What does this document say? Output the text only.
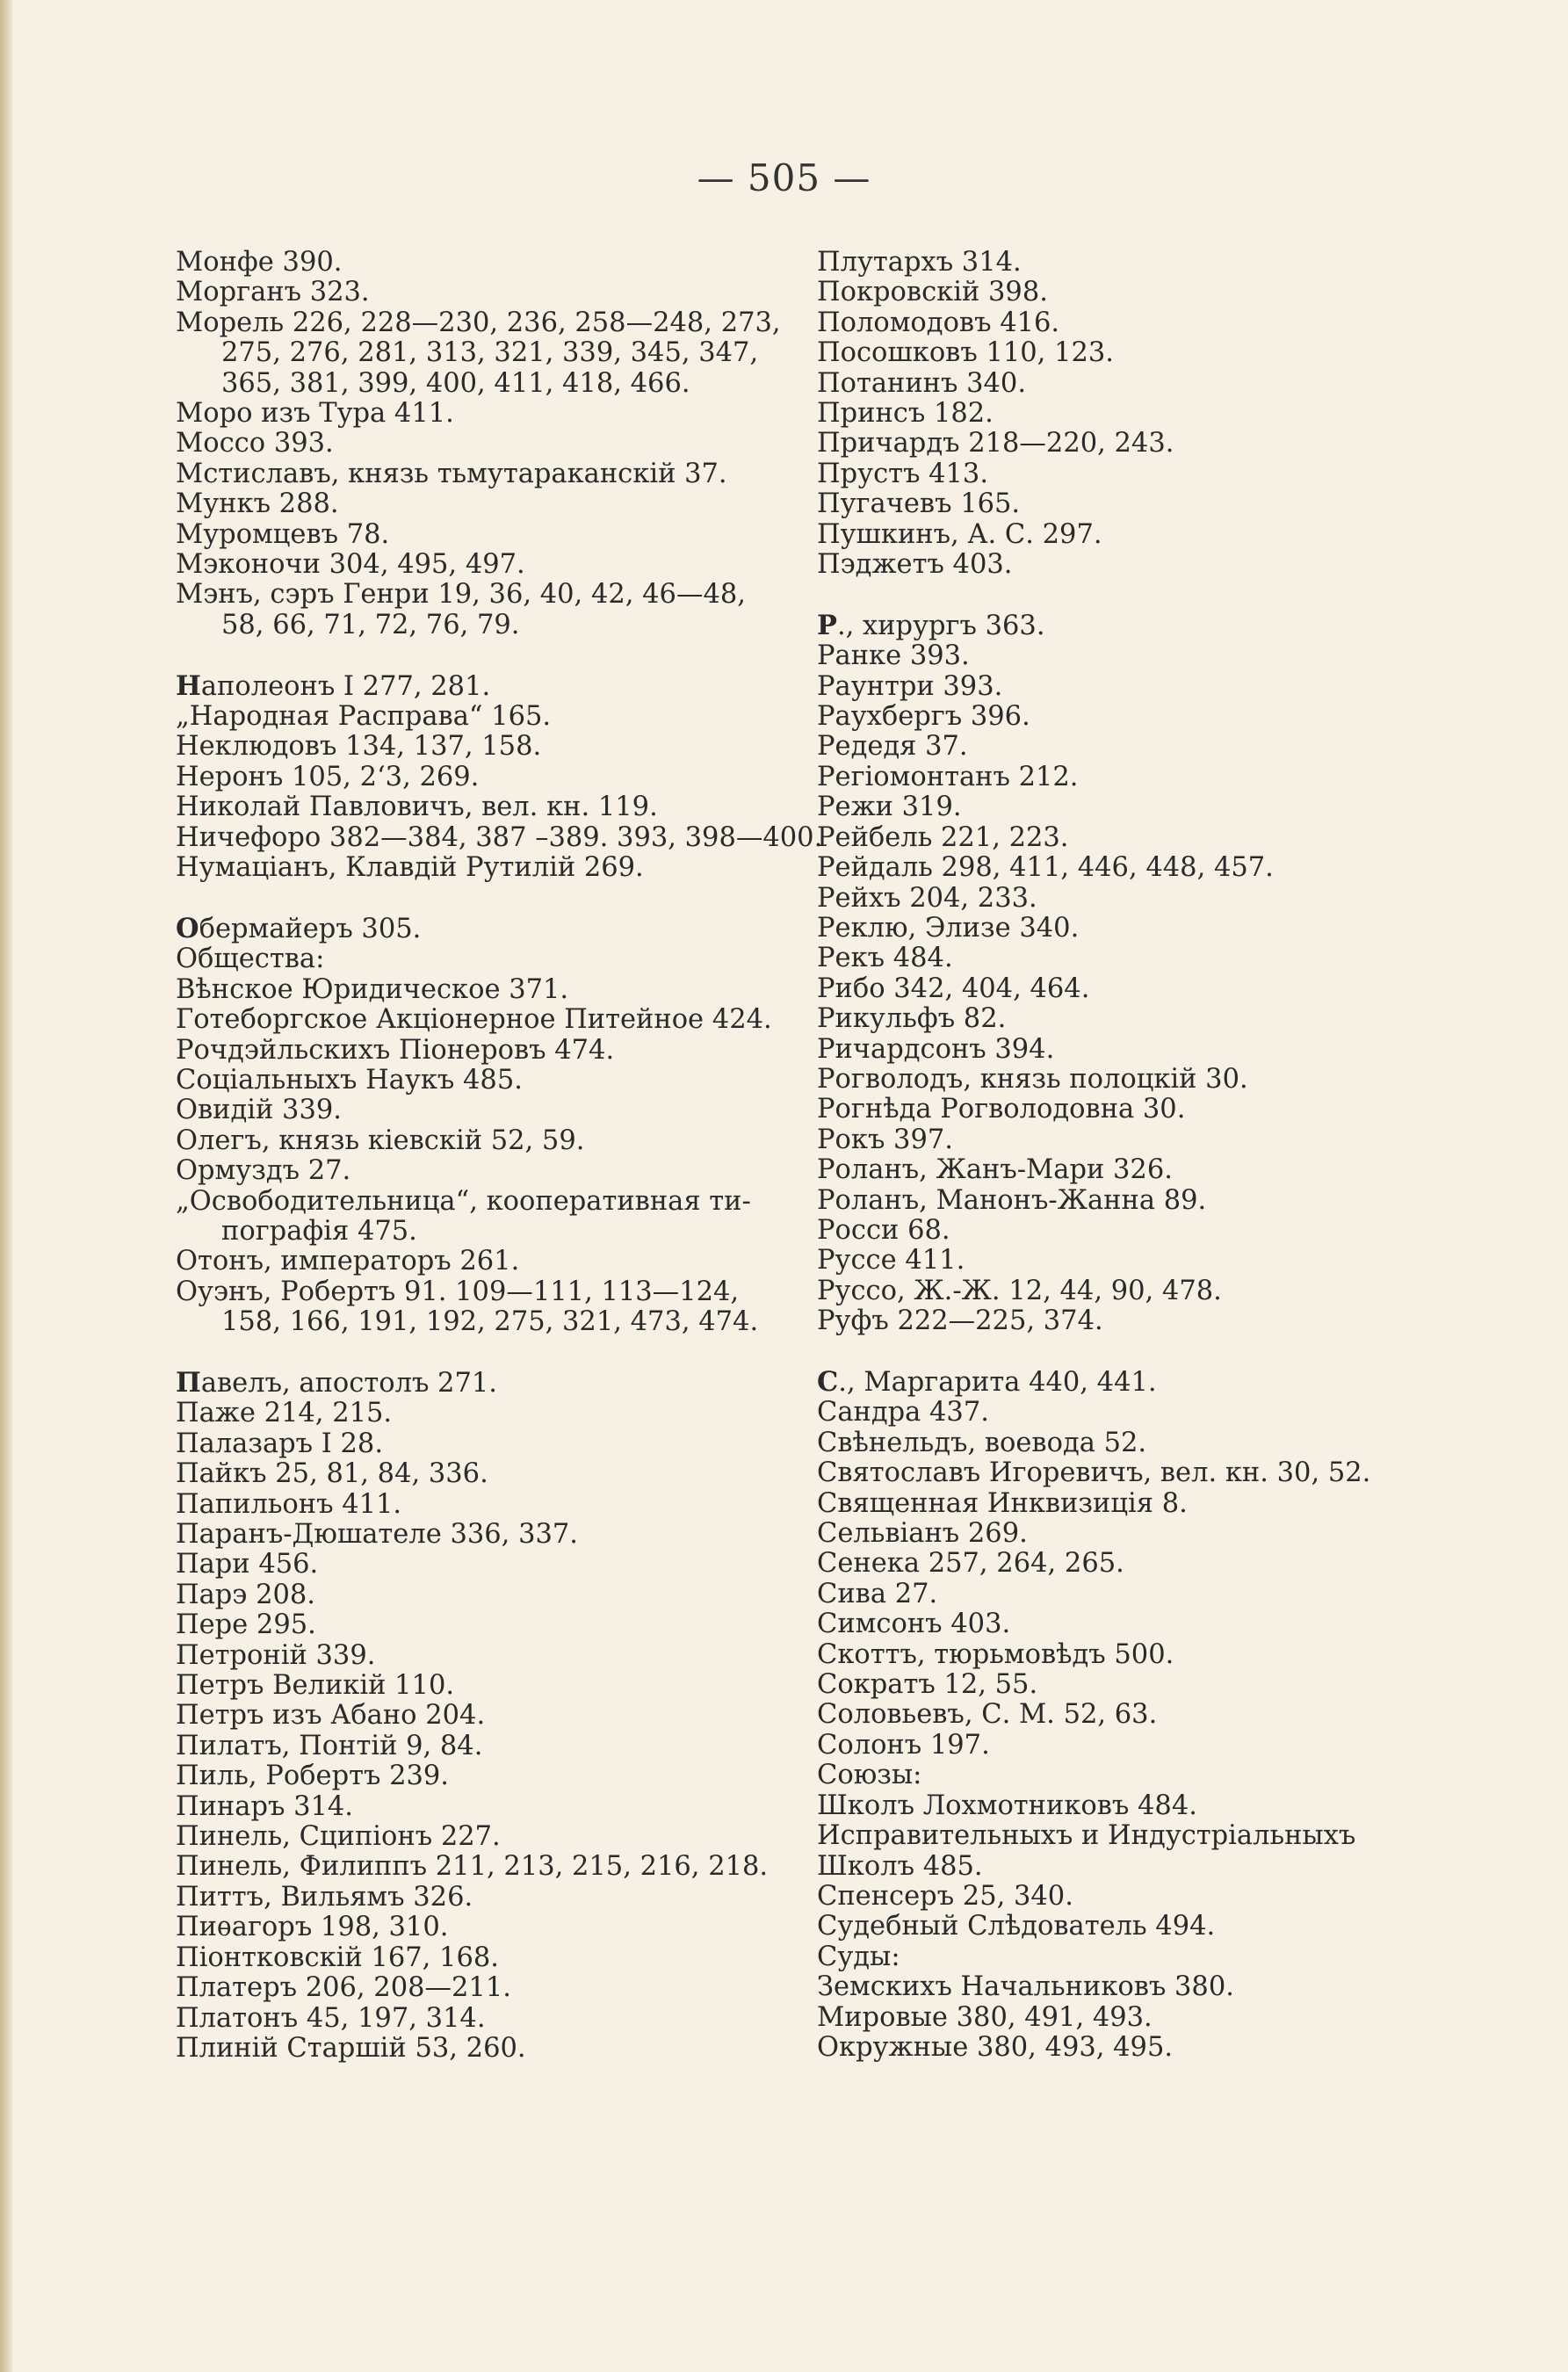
— 505 —
Монфе 390.
Морганъ 323.
Морель 226, 228—230, 236, 258—248, 273,
275, 276, 281, 313, 321, 339, 345, 347,
365, 381, 399, 400, 411, 418, 466.
Моро изъ Тура 411.
Моссо 393.
Мстиславъ, князь тьмутараканскій 37.
Мункъ 288.
Муромцевъ 78.
Мэконочи 304, 495, 497.
Мэнъ, сэръ Генри 19, 36, 40, 42, 46—48,
58, 66, 71, 72, 76, 79.
Наполеонъ I 277, 281.
„Народная Расправа“ 165.
Неклюдовъ 134, 137, 158.
Неронъ 105, 2‘3, 269.
Николай Павловичъ, вел. кн. 119.
Ничефоро 382—384, 387 –389. 393, 398—400.
Нумаціанъ, Клавдій Рутилій 269.
Обермайеръ 305.
Общества:
Вѣнское Юридическое 371.
Готеборгское Акціонерное Питейное 424.
Рочдэйльскихъ Піонеровъ 474.
Соціальныхъ Наукъ 485.
Овидій 339.
Олегъ, князь кіевскій 52, 59.
Ормуздъ 27.
„Освободительница“, кооперативная ти-
пографія 475.
Отонъ, императоръ 261.
Оуэнъ, Робертъ 91. 109—111, 113—124,
158, 166, 191, 192, 275, 321, 473, 474.
Павелъ, апостолъ 271.
Паже 214, 215.
Палазаръ I 28.
Пайкъ 25, 81, 84, 336.
Папильонъ 411.
Паранъ-Дюшателе 336, 337.
Пари 456.
Парэ 208.
Пере 295.
Петроній 339.
Петръ Великій 110.
Петръ изъ Абано 204.
Пилатъ, Понтій 9, 84.
Пиль, Робертъ 239.
Пинаръ 314.
Пинель, Сципіонъ 227.
Пинель, Филиппъ 211, 213, 215, 216, 218.
Питтъ, Вильямъ 326.
Пиѳагоръ 198, 310.
Піонтковскій 167, 168.
Платеръ 206, 208—211.
Платонъ 45, 197, 314.
Плиній Старшій 53, 260.
Плутархъ 314.
Покровскій 398.
Поломодовъ 416.
Посошковъ 110, 123.
Потанинъ 340.
Принсъ 182.
Причардъ 218—220, 243.
Прустъ 413.
Пугачевъ 165.
Пушкинъ, А. С. 297.
Пэджетъ 403.
Р., хирургъ 363.
Ранке 393.
Раунтри 393.
Раухбергъ 396.
Редедя 37.
Регіомонтанъ 212.
Режи 319.
Рейбель 221, 223.
Рейдаль 298, 411, 446, 448, 457.
Рейхъ 204, 233.
Реклю, Элизе 340.
Рекъ 484.
Рибо 342, 404, 464.
Рикульфъ 82.
Ричардсонъ 394.
Рогволодъ, князь полоцкій 30.
Рогнѣда Рогволодовна 30.
Рокъ 397.
Роланъ, Жанъ-Мари 326.
Роланъ, Манонъ-Жанна 89.
Росси 68.
Руссе 411.
Руссо, Ж.-Ж. 12, 44, 90, 478.
Руфъ 222—225, 374.
С., Маргарита 440, 441.
Сандра 437.
Свѣнельдъ, воевода 52.
Святославъ Игоревичъ, вел. кн. 30, 52.
Священная Инквизиція 8.
Сельвіанъ 269.
Сенека 257, 264, 265.
Сива 27.
Симсонъ 403.
Скоттъ, тюрьмовѣдъ 500.
Сократъ 12, 55.
Соловьевъ, С. М. 52, 63.
Солонъ 197.
Союзы:
Школъ Лохмотниковъ 484.
Исправительныхъ и Индустріальныхъ
Школъ 485.
Спенсеръ 25, 340.
Судебный Слѣдователь 494.
Суды:
Земскихъ Начальниковъ 380.
Мировые 380, 491, 493.
Окружные 380, 493, 495.
